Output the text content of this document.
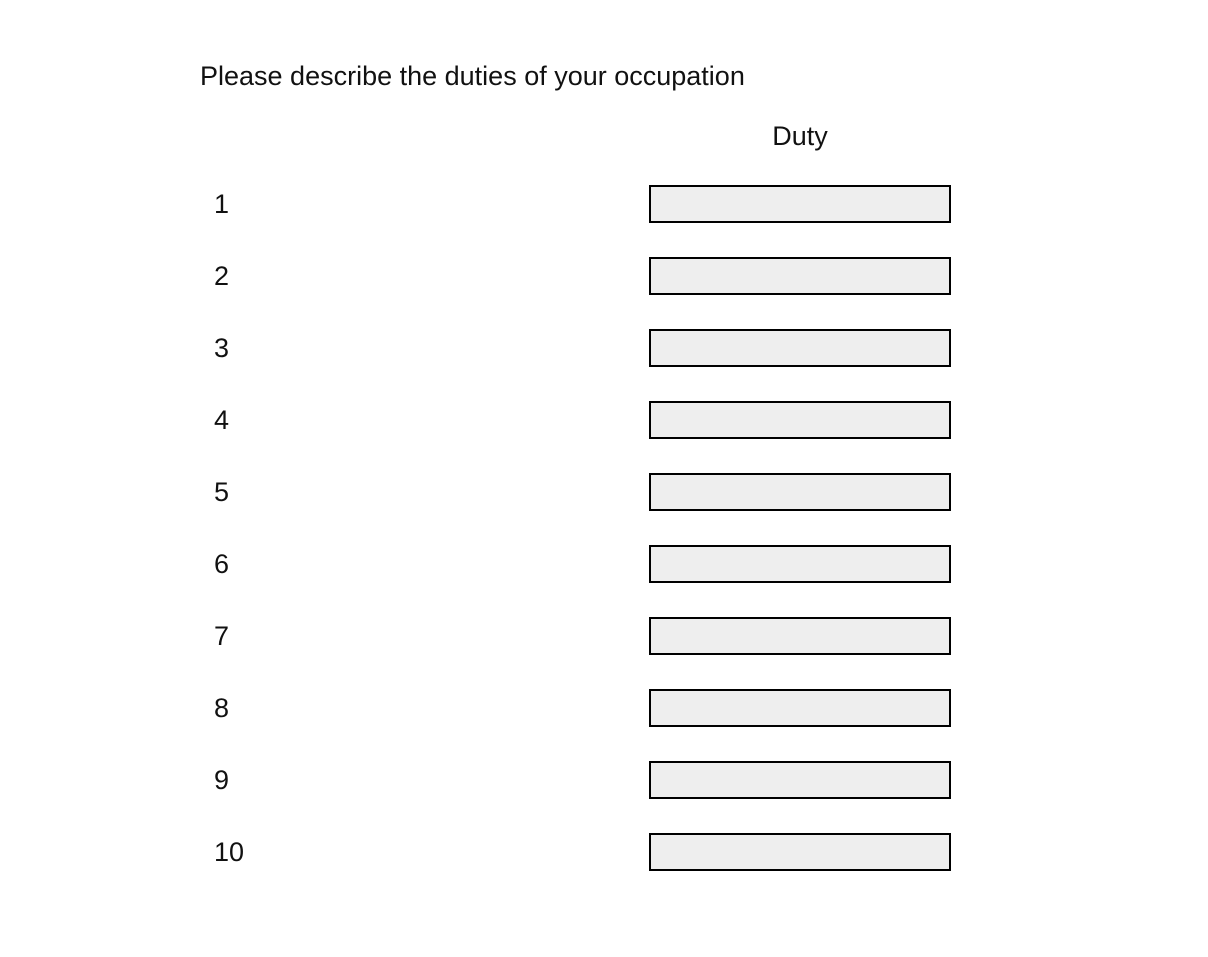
Please describe the duties of your occupation
Duty
1
2
3
4
5
6
7
8
9
10
